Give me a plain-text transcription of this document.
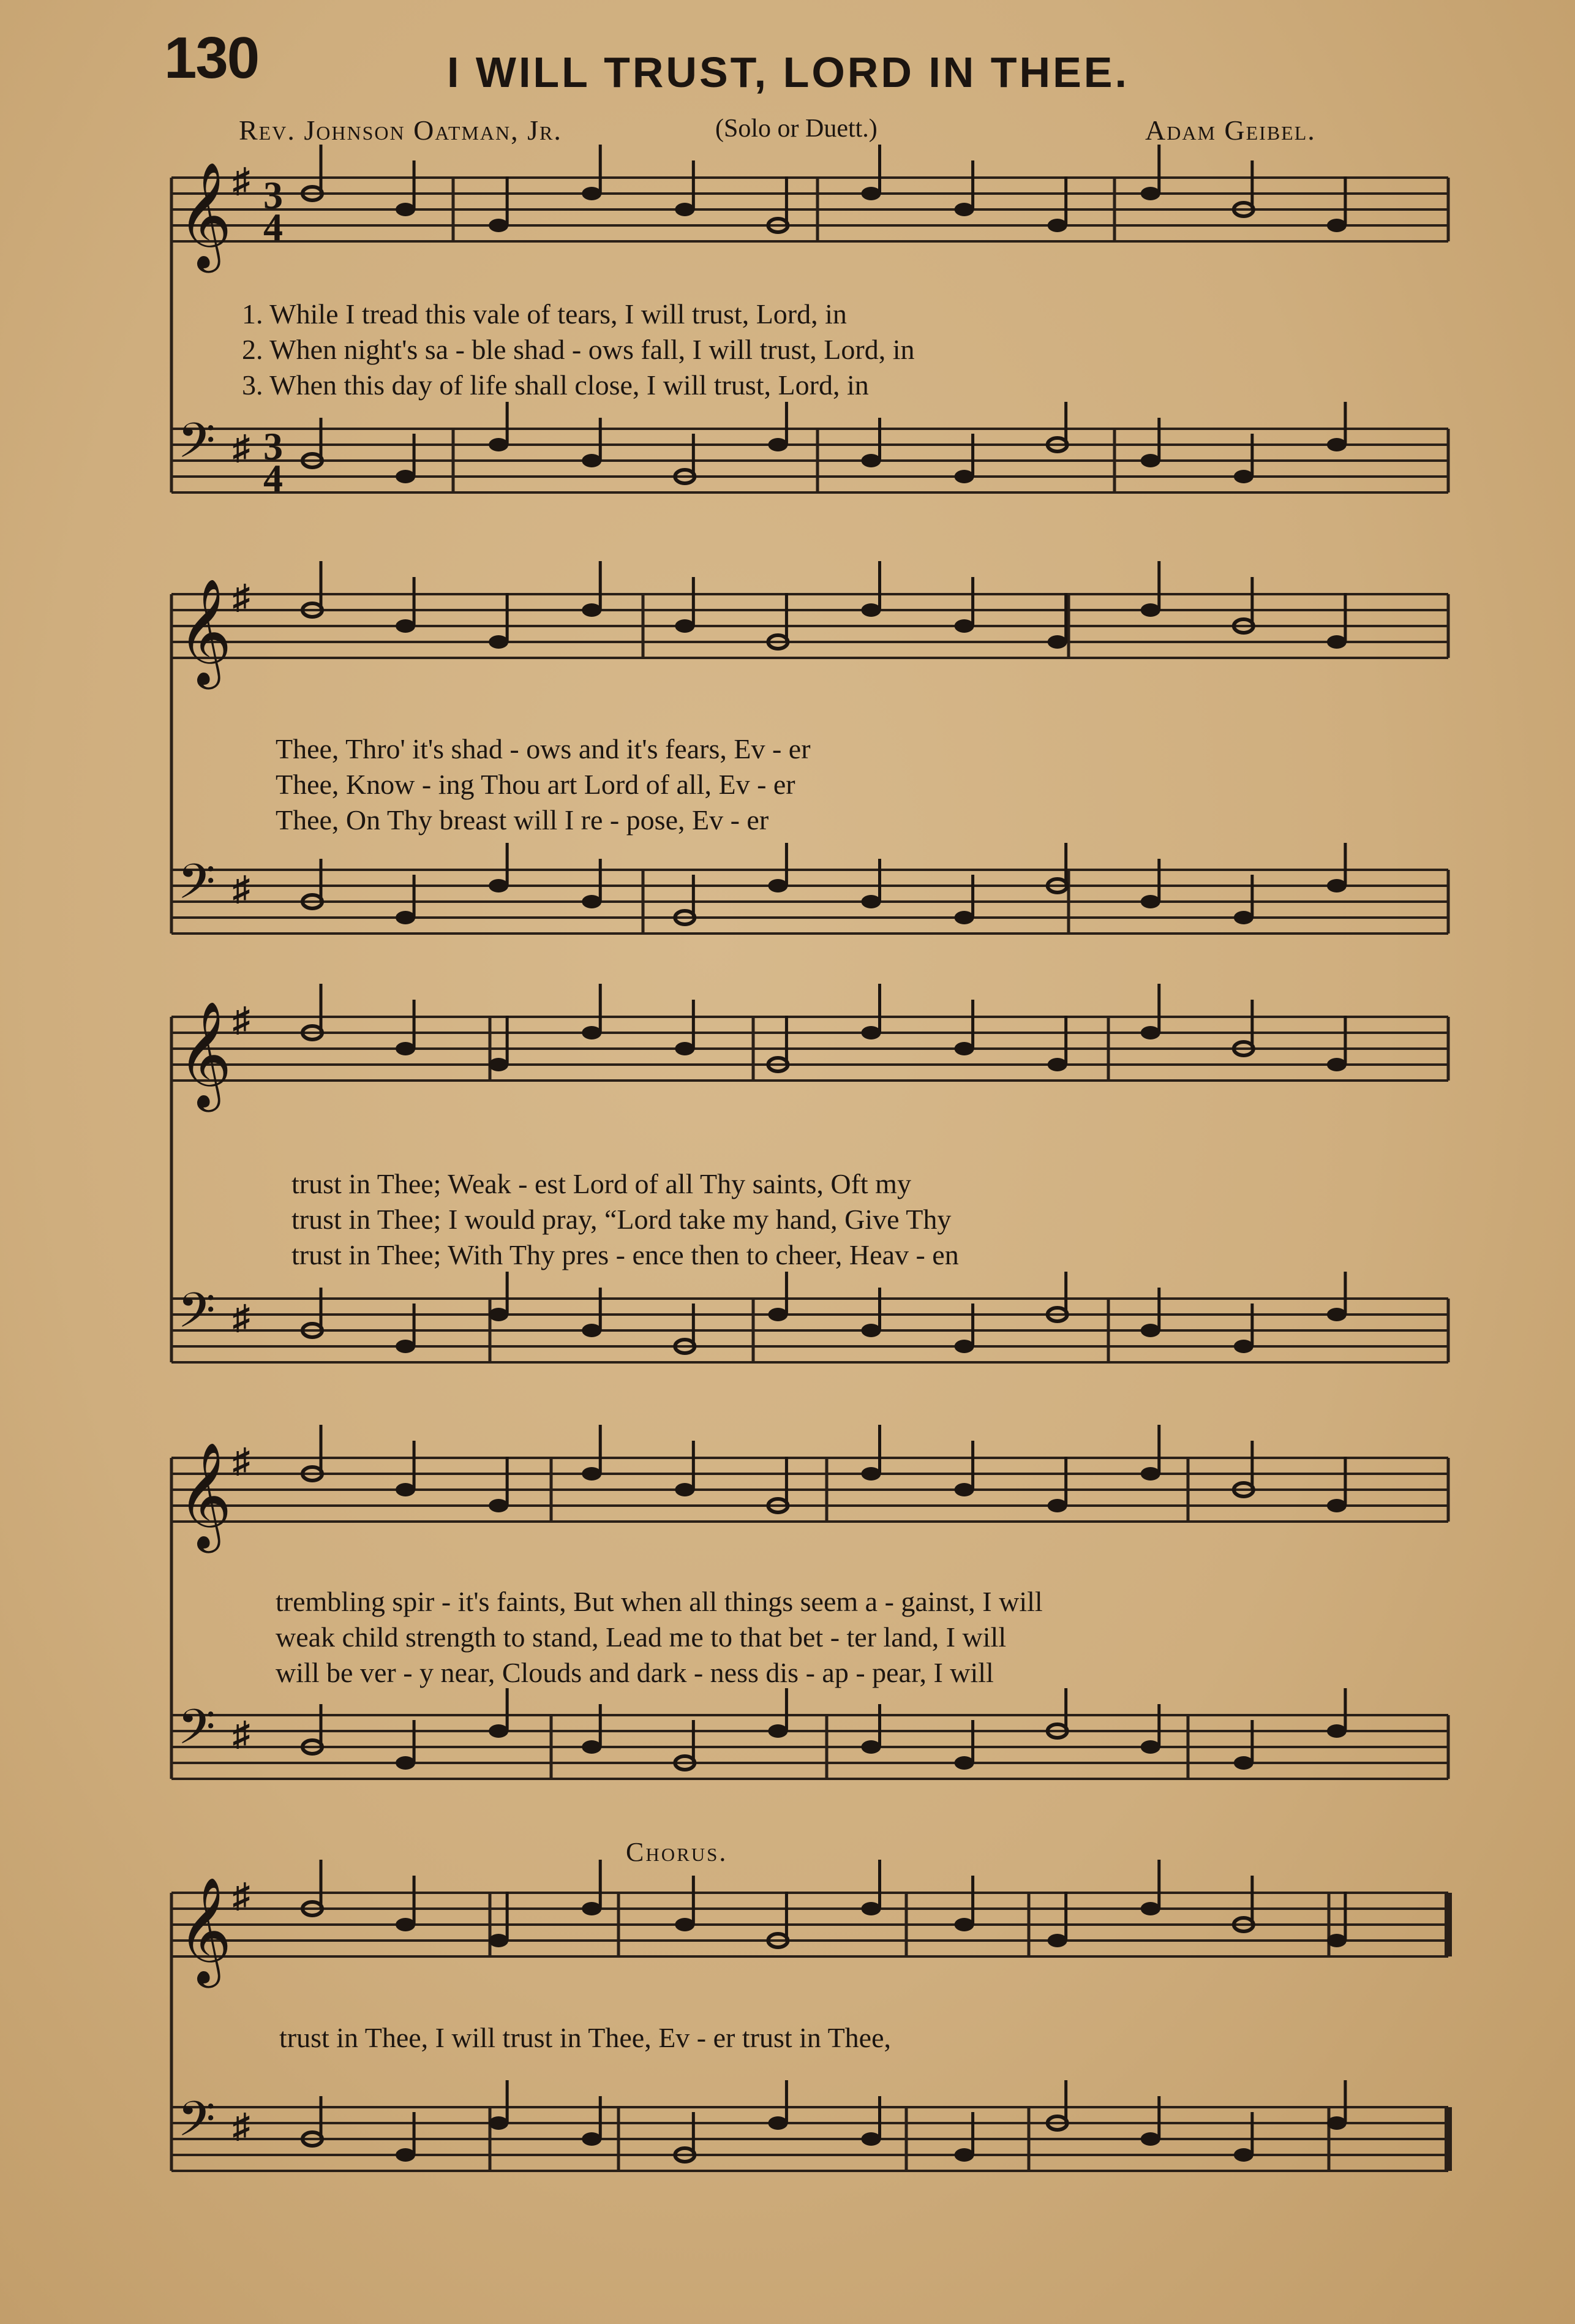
130	I WILL TRUST, LORD IN THEE.
Rev. Johnson Oatman, Jr.	(Solo or Duett.)	Adam Geibel.
Chorus.
𝄞 ♯
𝄢 ♯
3
4
3
4
𝄞 ♯
𝄢 ♯
𝄞 ♯
𝄢 ♯
𝄞 ♯
𝄢 ♯
𝄞 ♯
𝄢 ♯
1. While I tread this vale of tears, I will trust, Lord, in
2. When night's sa - ble shad - ows fall, I will trust, Lord, in
3. When this day of life shall close, I will trust, Lord, in
Thee, Thro' it's shad - ows and it's fears, Ev - er
Thee, Know - ing Thou art Lord of all, Ev - er
Thee, On Thy breast will I re - pose, Ev - er
trust in Thee; Weak - est Lord of all Thy saints, Oft my
trust in Thee; I would pray, “Lord take my hand, Give Thy
trust in Thee; With Thy pres - ence then to cheer, Heav - en
trembling spir - it's faints, But when all things seem a - gainst, I will
weak child strength to stand, Lead me to that bet - ter land, I will
will be ver - y near, Clouds and dark - ness dis - ap - pear, I will
trust in Thee, I will trust in Thee, Ev - er trust in Thee,
